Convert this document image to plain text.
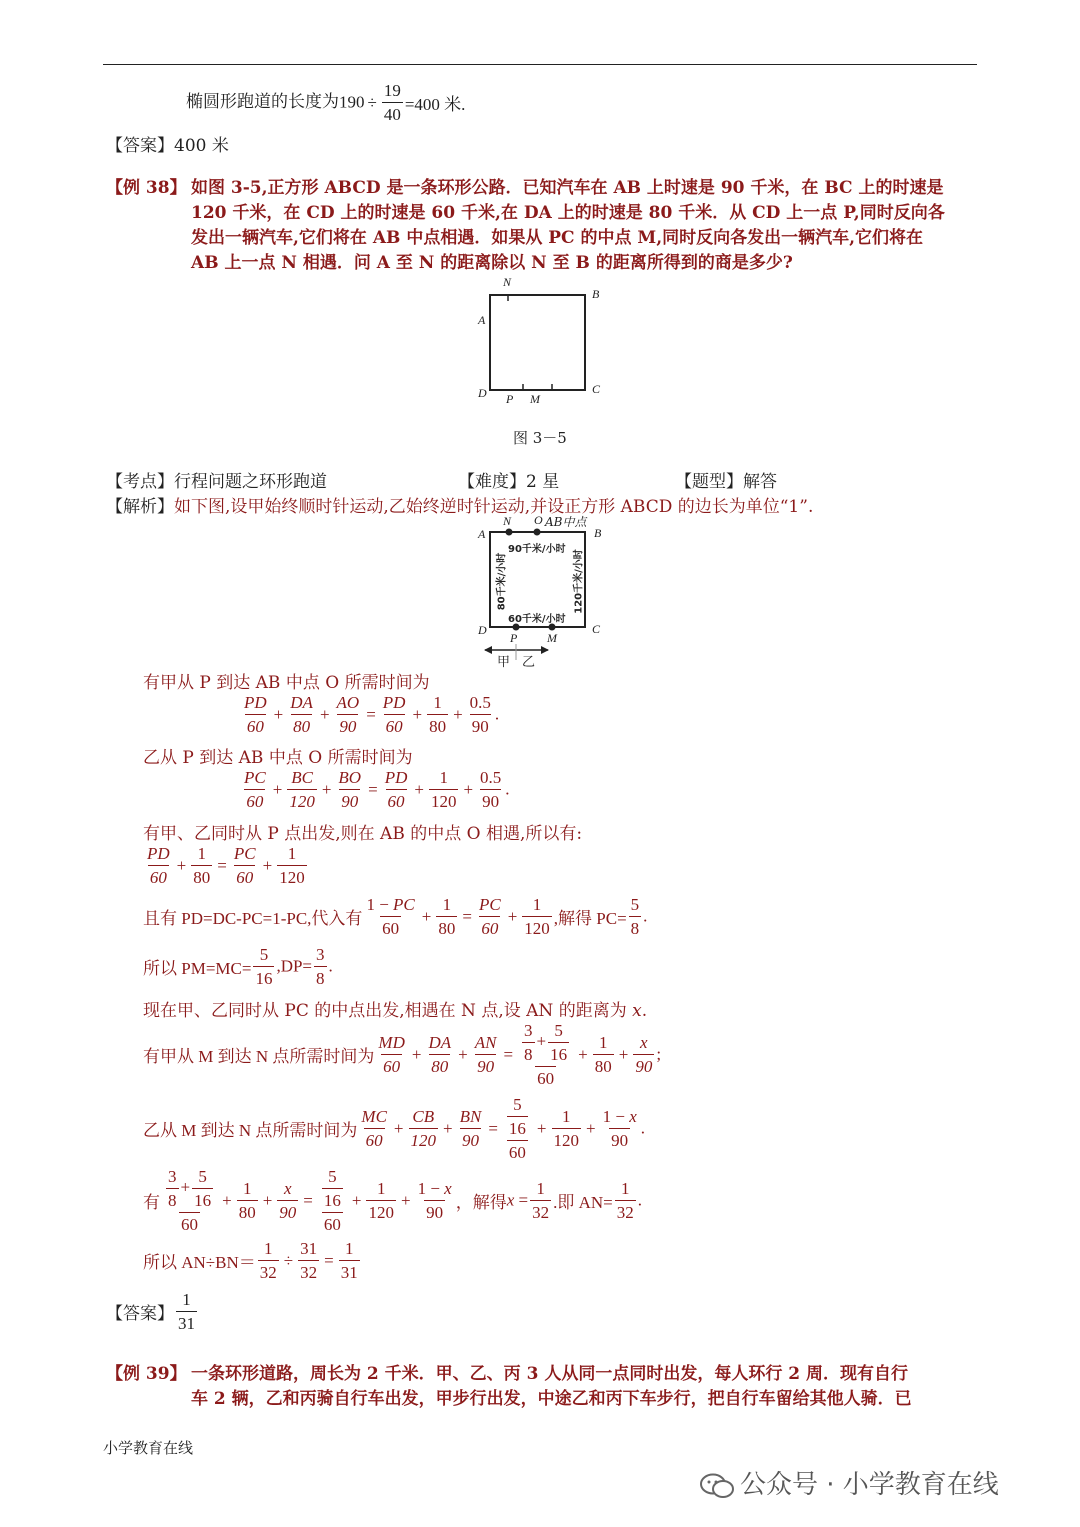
椭圆形跑道的长度为$190 \div \frac{19}{40} =400$ 米.
【答案】400 米
【例 38】 如图 3-5,正方形 ABCD 是一条环形公路．已知汽车在 AB 上时速是 90 千米，在 BC 上的时速是
120 千米，在 CD 上的时速是 60 千米,在 DA 上的时速是 80 千米．从 CD 上一点 P,同时反向各
发出一辆汽车,它们将在 AB 中点相遇．如果从 PC 的中点 M,同时反向各发出一辆汽车,它们将在
AB 上一点 N 相遇．问 A 至 N 的距离除以 N 至 B 的距离所得到的商是多少?
N
B
A
D P M
C
图 3－5
【考点】行程问题之环形跑道	【难度】2 星	【题型】解答
【解析】如下图,设甲始终顺时针运动,乙始终逆时针运动,并设正方形 ABCD 的边长为单位“1”.
N O AB中点
A	B
90千米/小时
80千米/小时	120千米/小时
60千米/小时
D
P M
C
甲 乙
有甲从 P 到达 AB 中点 O 所需时间为
$\frac{PD}{60} + \frac{DA}{80} + \frac{AO}{90} = \frac{PD}{60} + \frac{1}{80} + \frac{0.5}{90}$ .
乙从 P 到达 AB 中点 O 所需时间为
$\frac{PC}{60} + \frac{BC}{120} + \frac{BO}{90} = \frac{PD}{60} + \frac{1}{120} + \frac{0.5}{90}$ .
有甲、乙同时从 P 点出发,则在 AB 的中点 O 相遇,所以有:
$\frac{PD}{60} + \frac{1}{80} = \frac{PC}{60} + \frac{1}{120}$
且有 PD=DC-PC=1-PC,代入有 $\frac{1 - PC}{60} + \frac{1}{80} = \frac{PC}{60} + \frac{1}{120}$ ,解得 $PC= \frac{5}{8}$ .
所以 $PM=MC= \frac{5}{16} ,DP= \frac{3}{8}$ .
现在甲、乙同时从 PC 的中点出发,相遇在 N 点,设 AN 的距离为 x.
有甲从 M 到达 N 点所需时间为 $\frac{MD}{60} + \frac{DA}{80} + \frac{AN}{90} = \frac{\frac{3}{8} + \frac{5}{16}}{60} + \frac{1}{80} + \frac{x}{90}$ ;
乙从 M 到达 N 点所需时间为 $\frac{MC}{60} + \frac{CB}{120} + \frac{BN}{90} = \frac{\frac{5}{16}}{60} + \frac{1}{120} + \frac{1 - x}{90}$ .
有 $\frac{\frac{3}{8} + \frac{5}{16}}{60} + \frac{1}{80} + \frac{x}{90} = \frac{\frac{5}{16}}{60} + \frac{1}{120} + \frac{1 - x}{90}$ ，解得$x = \frac{1}{32}$ .即 $AN= \frac{1}{32}$ .
所以 $AN\div BN= \frac{1}{32} \div \frac{31}{32} = \frac{1}{31}$
【答案】 $\frac{1}{31}$
【例 39】 一条环形道路，周长为 2 千米．甲、乙、丙 3 人从同一点同时出发，每人环行 2 周．现有自行
车 2 辆，乙和丙骑自行车出发，甲步行出发，中途乙和丙下车步行，把自行车留给其他人骑．已
小学教育在线
公众号 · 小学教育在线
